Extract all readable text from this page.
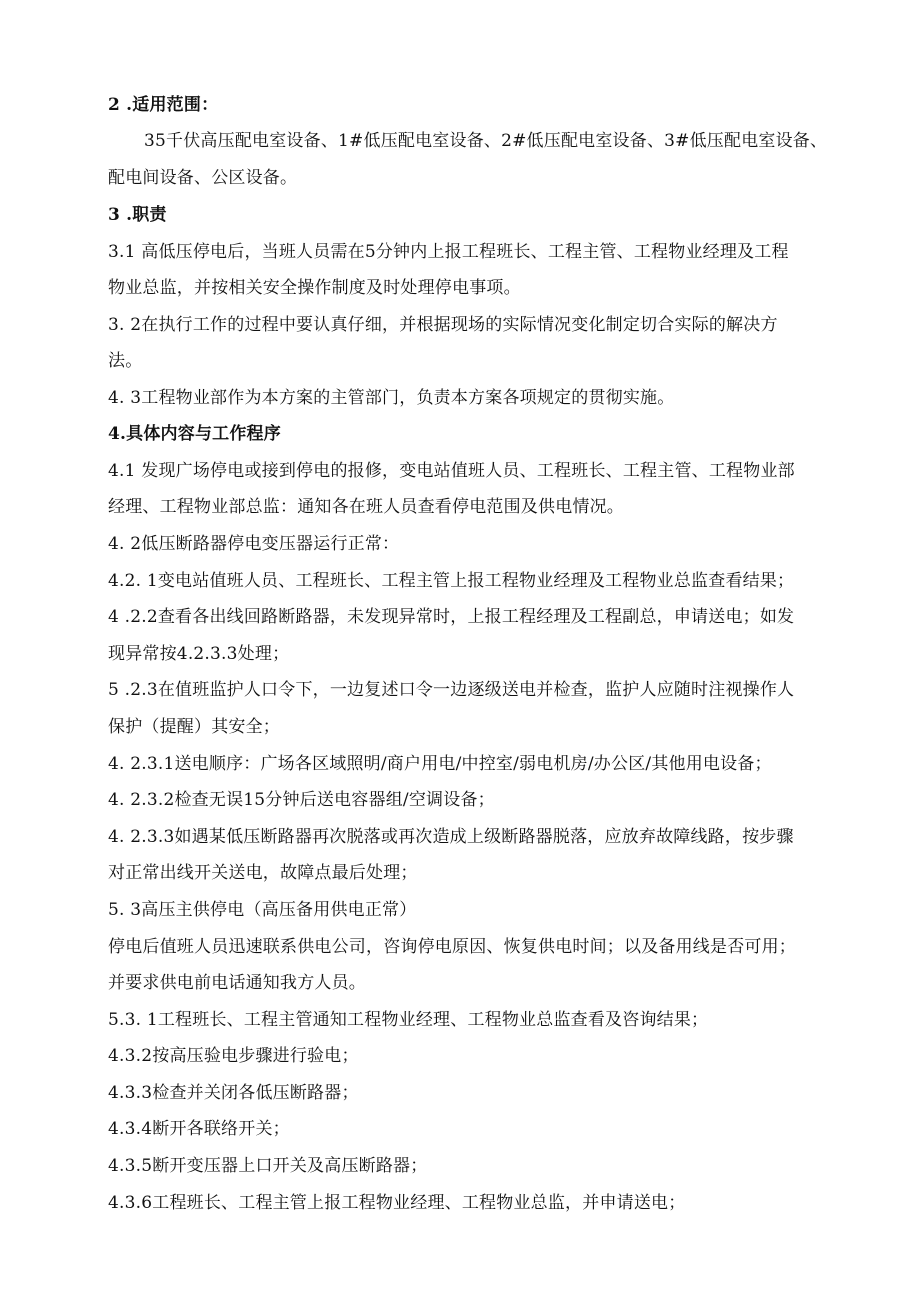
2 .适用范围：
35千伏高压配电室设备、1#低压配电室设备、2#低压配电室设备、3#低压配电室设备、
配电间设备、公区设备。
3 .职责
3.1 高低压停电后，当班人员需在5分钟内上报工程班长、工程主管、工程物业经理及工程
物业总监，并按相关安全操作制度及时处理停电事项。
3. 2在执行工作的过程中要认真仔细，并根据现场的实际情况变化制定切合实际的解决方
法。
4. 3工程物业部作为本方案的主管部门，负责本方案各项规定的贯彻实施。
4.具体内容与工作程序
4.1 发现广场停电或接到停电的报修，变电站值班人员、工程班长、工程主管、工程物业部
经理、工程物业部总监：通知各在班人员查看停电范围及供电情况。
4. 2低压断路器停电变压器运行正常：
4.2. 1变电站值班人员、工程班长、工程主管上报工程物业经理及工程物业总监查看结果；
4 .2.2查看各出线回路断路器，未发现异常时，上报工程经理及工程副总，申请送电；如发
现异常按4.2.3.3处理；
5 .2.3在值班监护人口令下，一边复述口令一边逐级送电并检查，监护人应随时注视操作人
保护（提醒）其安全；
4. 2.3.1送电顺序：广场各区域照明/商户用电/中控室/弱电机房/办公区/其他用电设备；
4. 2.3.2检查无误15分钟后送电容器组/空调设备；
4. 2.3.3如遇某低压断路器再次脱落或再次造成上级断路器脱落，应放弃故障线路，按步骤
对正常出线开关送电，故障点最后处理；
5. 3高压主供停电（高压备用供电正常）
停电后值班人员迅速联系供电公司，咨询停电原因、恢复供电时间；以及备用线是否可用；
并要求供电前电话通知我方人员。
5.3. 1工程班长、工程主管通知工程物业经理、工程物业总监查看及咨询结果；
4.3.2按高压验电步骤进行验电；
4.3.3检查并关闭各低压断路器；
4.3.4断开各联络开关；
4.3.5断开变压器上口开关及高压断路器；
4.3.6工程班长、工程主管上报工程物业经理、工程物业总监，并申请送电；
